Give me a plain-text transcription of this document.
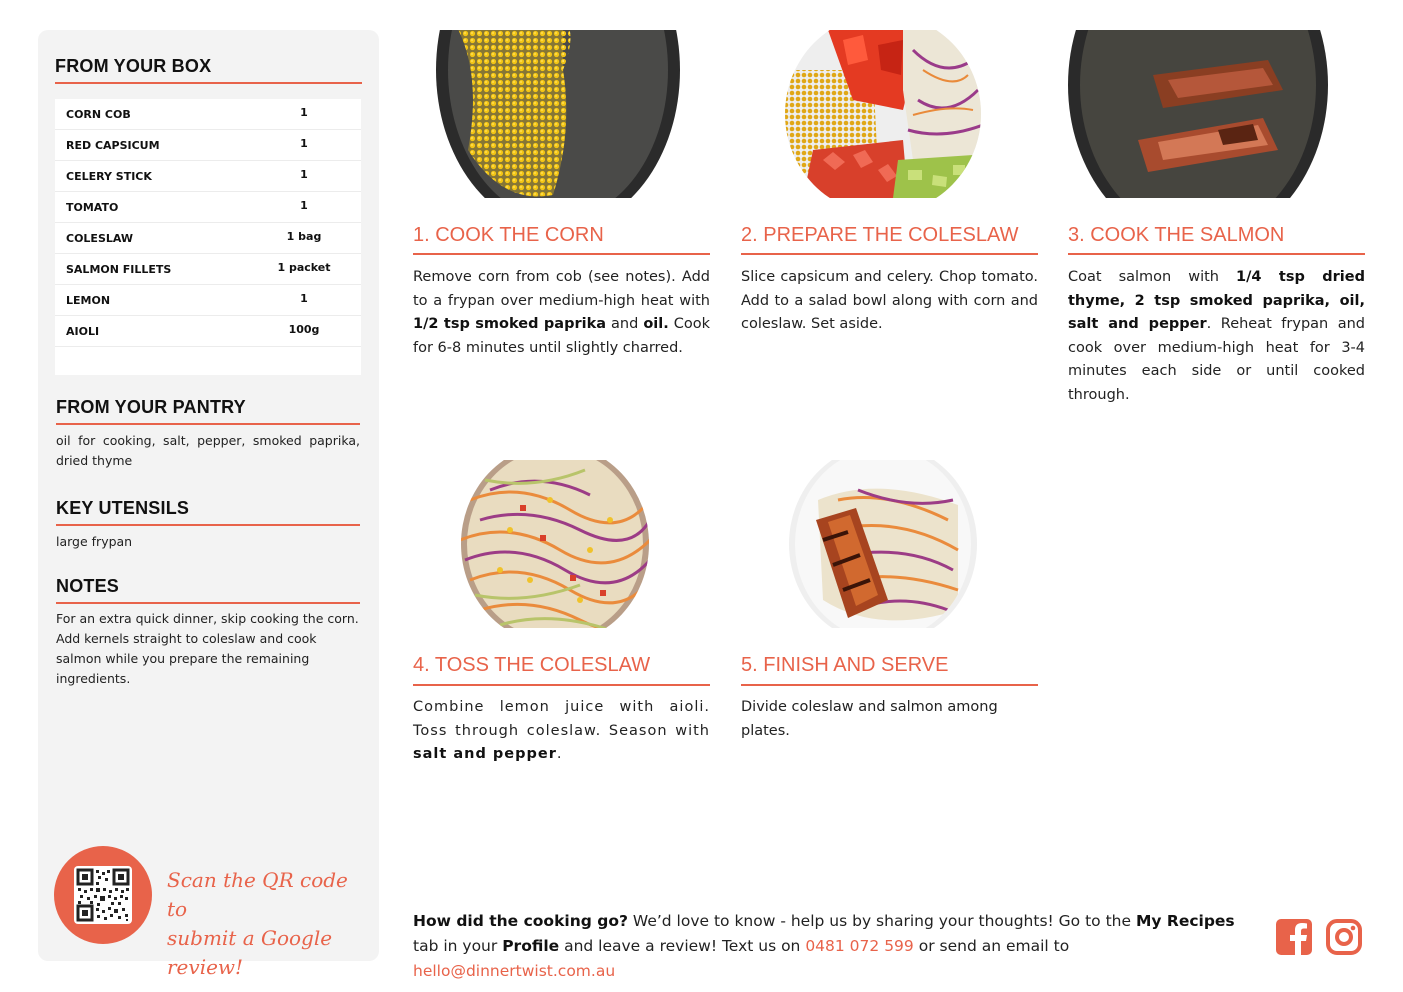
FROM YOUR BOX
CORN COB	1
RED CAPSICUM	1
CELERY STICK	1
TOMATO	1
COLESLAW	1 bag
SALMON FILLETS	1 packet
LEMON	1
AIOLI	100g
FROM YOUR PANTRY
oil for cooking, salt, pepper, smoked paprika, dried thyme
KEY UTENSILS
large frypan
NOTES
For an extra quick dinner, skip cooking the corn. Add kernels straight to coleslaw and cook salmon while you prepare the remaining ingredients.
Scan the QR code to
submit a Google review!
1. COOK THE CORN
Remove corn from cob (see notes). Add to a frypan over medium-high heat with 1/2 tsp smoked paprika and oil. Cook for 6-8 minutes until slightly charred.
2. PREPARE THE COLESLAW
Slice capsicum and celery. Chop tomato. Add to a salad bowl along with corn and coleslaw. Set aside.
3. COOK THE SALMON
Coat salmon with 1/4 tsp dried thyme, 2 tsp smoked paprika, oil, salt and pepper. Reheat frypan and cook over medium-high heat for 3-4 minutes each side or until cooked through.
4. TOSS THE COLESLAW
Combine lemon juice with aioli. Toss through coleslaw. Season with salt and pepper.
5. FINISH AND SERVE
Divide coleslaw and salmon among plates.
How did the cooking go? We’d love to know - help us by sharing your thoughts! Go to the My Recipes tab in your Profile and leave a review! Text us on 0481 072 599 or send an email to hello@dinnertwist.com.au
